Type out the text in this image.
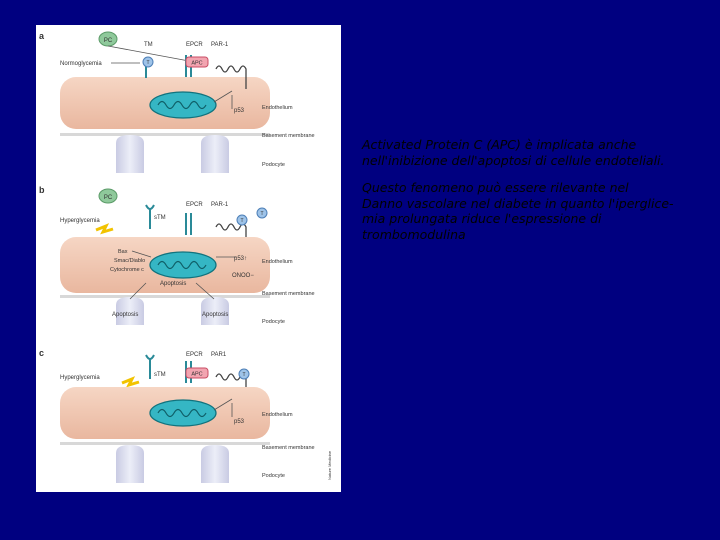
a	PC
TM	EPCR PAR-1
Normoglycemia	T	APC
p53	Endothelium
Basement membrane
Podocyte
b
PC
EPCR PAR-1
sTM
T
T
Hyperglycemia
Bax
Smac/Diablo
Cytochrome c
p53↑
ONOO−
Apoptosis
Endothelium
Basement membrane
Apoptosis	Apoptosis
Podocyte
c	EPCR PAR1
sTM
Hyperglycemia
APC	T
p53
Endothelium
Basement membrane
Podocyte	Nature Medicine

Activated Protein C (APC) è implicata anche
nell'inibizione dell'apoptosi di cellule endoteliali.

Questo fenomeno può essere rilevante nel
Danno vascolare nel diabete in quanto l'iperglice-
mia prolungata riduce l'espressione di
trombomodulina
